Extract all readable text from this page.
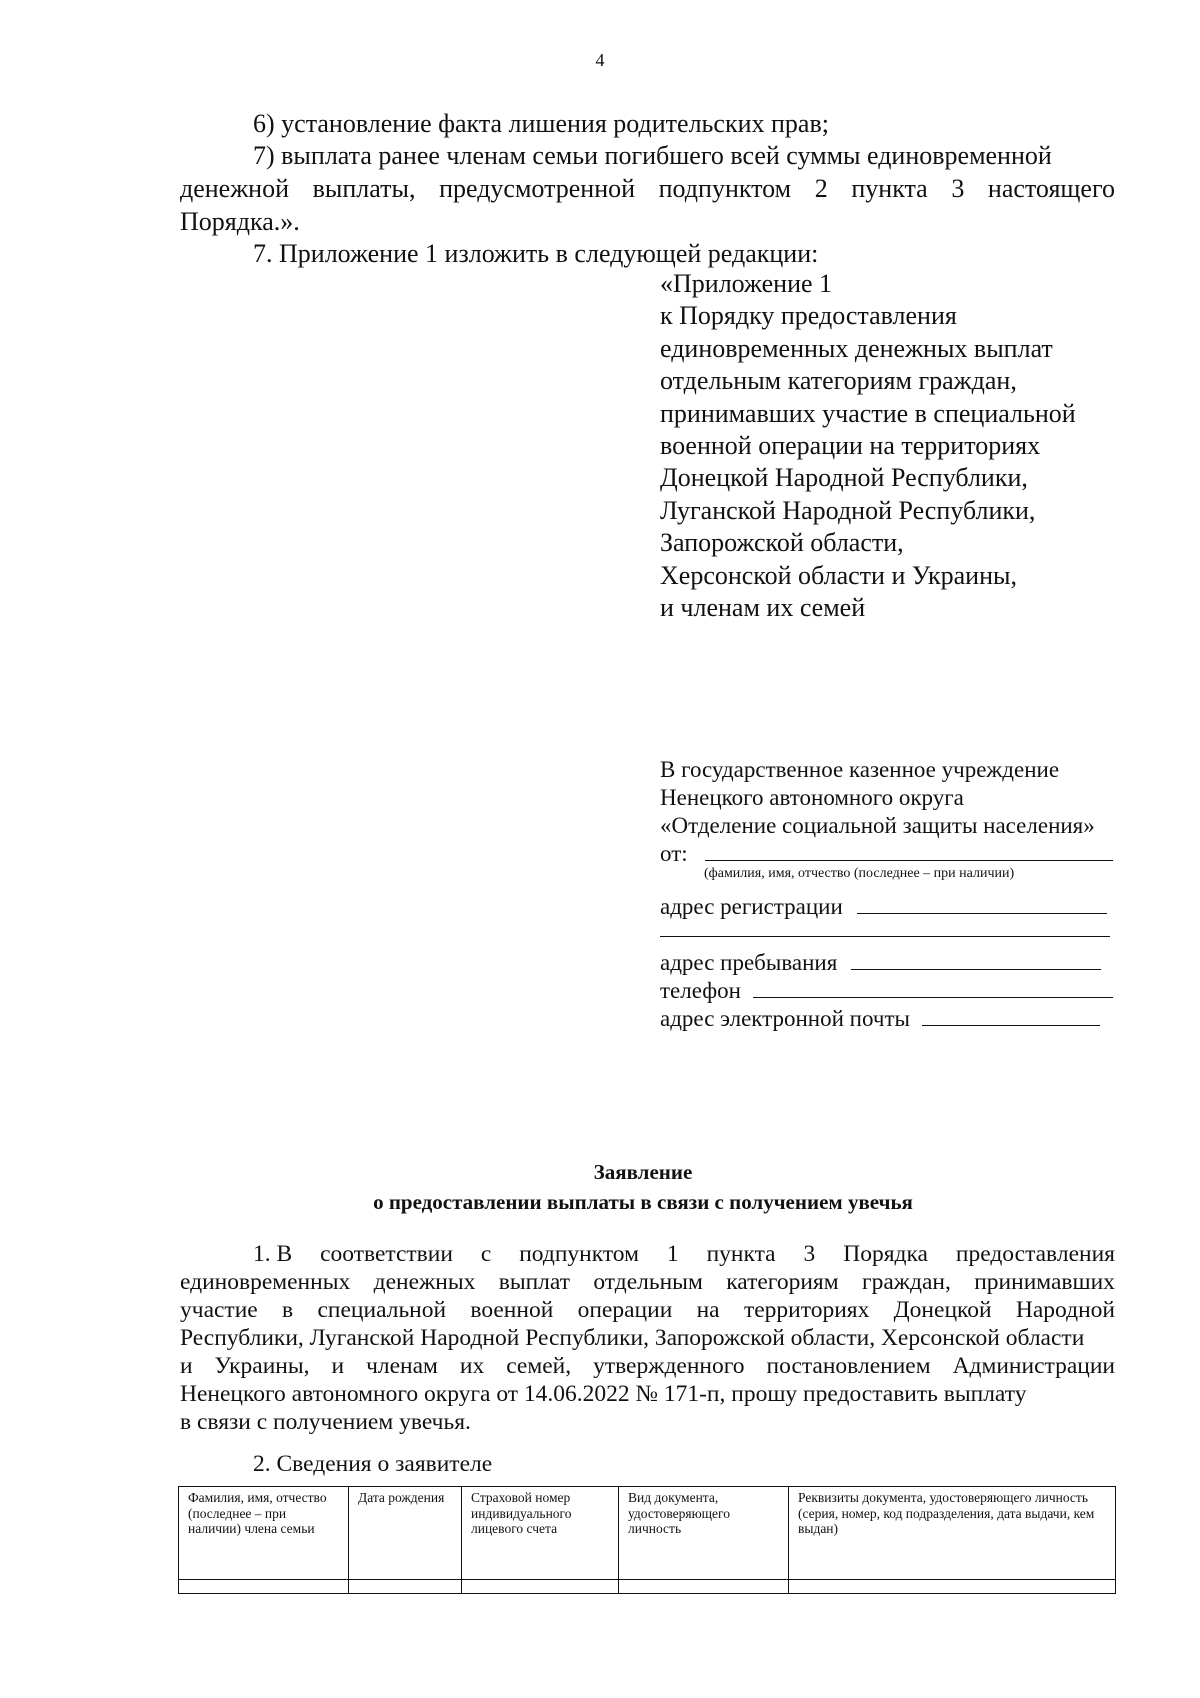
4
6) установление факта лишения родительских прав;
7) выплата ранее членам семьи погибшего всей суммы единовременной
денежной выплаты, предусмотренной подпунктом 2 пункта 3 настоящего
Порядка.».
7. Приложение 1 изложить в следующей редакции:
«Приложение 1
к Порядку предоставления
единовременных денежных выплат
отдельным категориям граждан,
принимавших участие в специальной
военной операции на территориях
Донецкой Народной Республики,
Луганской Народной Республики,
Запорожской области,
Херсонской области и Украины,
и членам их семей
В государственное казенное учреждение
Ненецкого автономного округа
«Отделение социальной защиты населения»
от:
(фамилия, имя, отчество (последнее – при наличии)
адрес регистрации
адрес пребывания
телефон
адрес электронной почты
Заявление
о предоставлении выплаты в связи с получением увечья
1. В соответствии с подпунктом 1 пункта 3 Порядка предоставления
единовременных денежных выплат отдельным категориям граждан, принимавших
участие в специальной военной операции на территориях Донецкой Народной
Республики, Луганской Народной Республики, Запорожской области, Херсонской области
и Украины, и членам их семей, утвержденного постановлением Администрации
Ненецкого автономного округа от 14.06.2022 № 171-п, прошу предоставить выплату
в связи с получением увечья.
2. Сведения о заявителе
Фамилия, имя, отчество (последнее – при наличии) члена семьи	Дата рождения	Страховой номер индивидуального лицевого счета	Вид документа, удостоверяющего личность	Реквизиты документа, удостоверяющего личность (серия, номер, код подразделения, дата выдачи, кем выдан)
